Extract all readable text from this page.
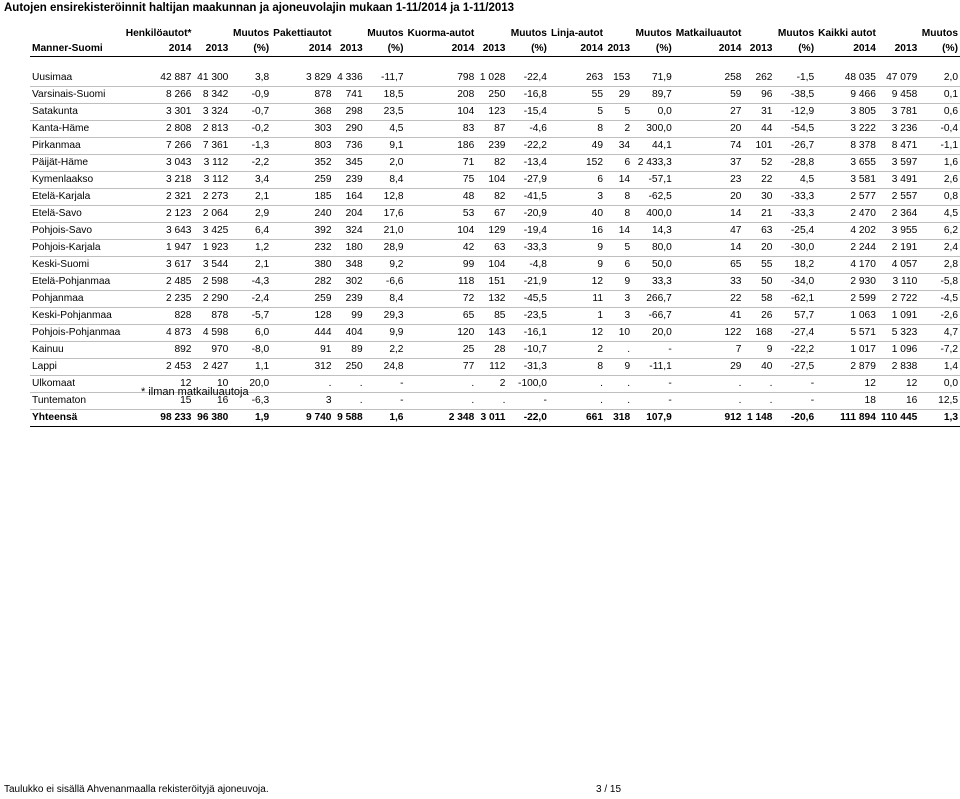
Autojen ensirekisteröinnit haltijan maakunnan ja ajoneuvolajin mukaan 1-11/2014 ja 1-11/2013
	Henkilöautot*		Muutos	Pakettiautot		Muutos	Kuorma-autot		Muutos	Linja-autot		Muutos	Matkailuautot		Muutos	Kaikki autot		Muutos
Manner-Suomi	2014	2013	(%)	2014	2013	(%)	2014	2013	(%)	2014	2013	(%)	2014	2013	(%)	2014	2013	(%)

Uusimaa	42 887	41 300	3,8	3 829	4 336	-11,7	798	1 028	-22,4	263	153	71,9	258	262	-1,5	48 035	47 079	2,0
Varsinais-Suomi	8 266	8 342	-0,9	878	741	18,5	208	250	-16,8	55	29	89,7	59	96	-38,5	9 466	9 458	0,1
Satakunta	3 301	3 324	-0,7	368	298	23,5	104	123	-15,4	5	5	0,0	27	31	-12,9	3 805	3 781	0,6
Kanta-Häme	2 808	2 813	-0,2	303	290	4,5	83	87	-4,6	8	2	300,0	20	44	-54,5	3 222	3 236	-0,4
Pirkanmaa	7 266	7 361	-1,3	803	736	9,1	186	239	-22,2	49	34	44,1	74	101	-26,7	8 378	8 471	-1,1
Päijät-Häme	3 043	3 112	-2,2	352	345	2,0	71	82	-13,4	152	6	2 433,3	37	52	-28,8	3 655	3 597	1,6
Kymenlaakso	3 218	3 112	3,4	259	239	8,4	75	104	-27,9	6	14	-57,1	23	22	4,5	3 581	3 491	2,6
Etelä-Karjala	2 321	2 273	2,1	185	164	12,8	48	82	-41,5	3	8	-62,5	20	30	-33,3	2 577	2 557	0,8
Etelä-Savo	2 123	2 064	2,9	240	204	17,6	53	67	-20,9	40	8	400,0	14	21	-33,3	2 470	2 364	4,5
Pohjois-Savo	3 643	3 425	6,4	392	324	21,0	104	129	-19,4	16	14	14,3	47	63	-25,4	4 202	3 955	6,2
Pohjois-Karjala	1 947	1 923	1,2	232	180	28,9	42	63	-33,3	9	5	80,0	14	20	-30,0	2 244	2 191	2,4
Keski-Suomi	3 617	3 544	2,1	380	348	9,2	99	104	-4,8	9	6	50,0	65	55	18,2	4 170	4 057	2,8
Etelä-Pohjanmaa	2 485	2 598	-4,3	282	302	-6,6	118	151	-21,9	12	9	33,3	33	50	-34,0	2 930	3 110	-5,8
Pohjanmaa	2 235	2 290	-2,4	259	239	8,4	72	132	-45,5	11	3	266,7	22	58	-62,1	2 599	2 722	-4,5
Keski-Pohjanmaa	828	878	-5,7	128	99	29,3	65	85	-23,5	1	3	-66,7	41	26	57,7	1 063	1 091	-2,6
Pohjois-Pohjanmaa	4 873	4 598	6,0	444	404	9,9	120	143	-16,1	12	10	20,0	122	168	-27,4	5 571	5 323	4,7
Kainuu	892	970	-8,0	91	89	2,2	25	28	-10,7	2	.	-	7	9	-22,2	1 017	1 096	-7,2
Lappi	2 453	2 427	1,1	312	250	24,8	77	112	-31,3	8	9	-11,1	29	40	-27,5	2 879	2 838	1,4
Ulkomaat	12	10	20,0	.	.	-	.	2	-100,0	.	.	-	.	.	-	12	12	0,0
Tuntematon	15	16	-6,3	3	.	-	.	.	-	.	.	-	.	.	-	18	16	12,5
Yhteensä	98 233	96 380	1,9	9 740	9 588	1,6	2 348	3 011	-22,0	661	318	107,9	912	1 148	-20,6	111 894	110 445	1,3
* ilman matkailuautoja
Taulukko ei sisällä Ahvenanmaalla rekisteröityjä ajoneuvoja.	3 / 15
